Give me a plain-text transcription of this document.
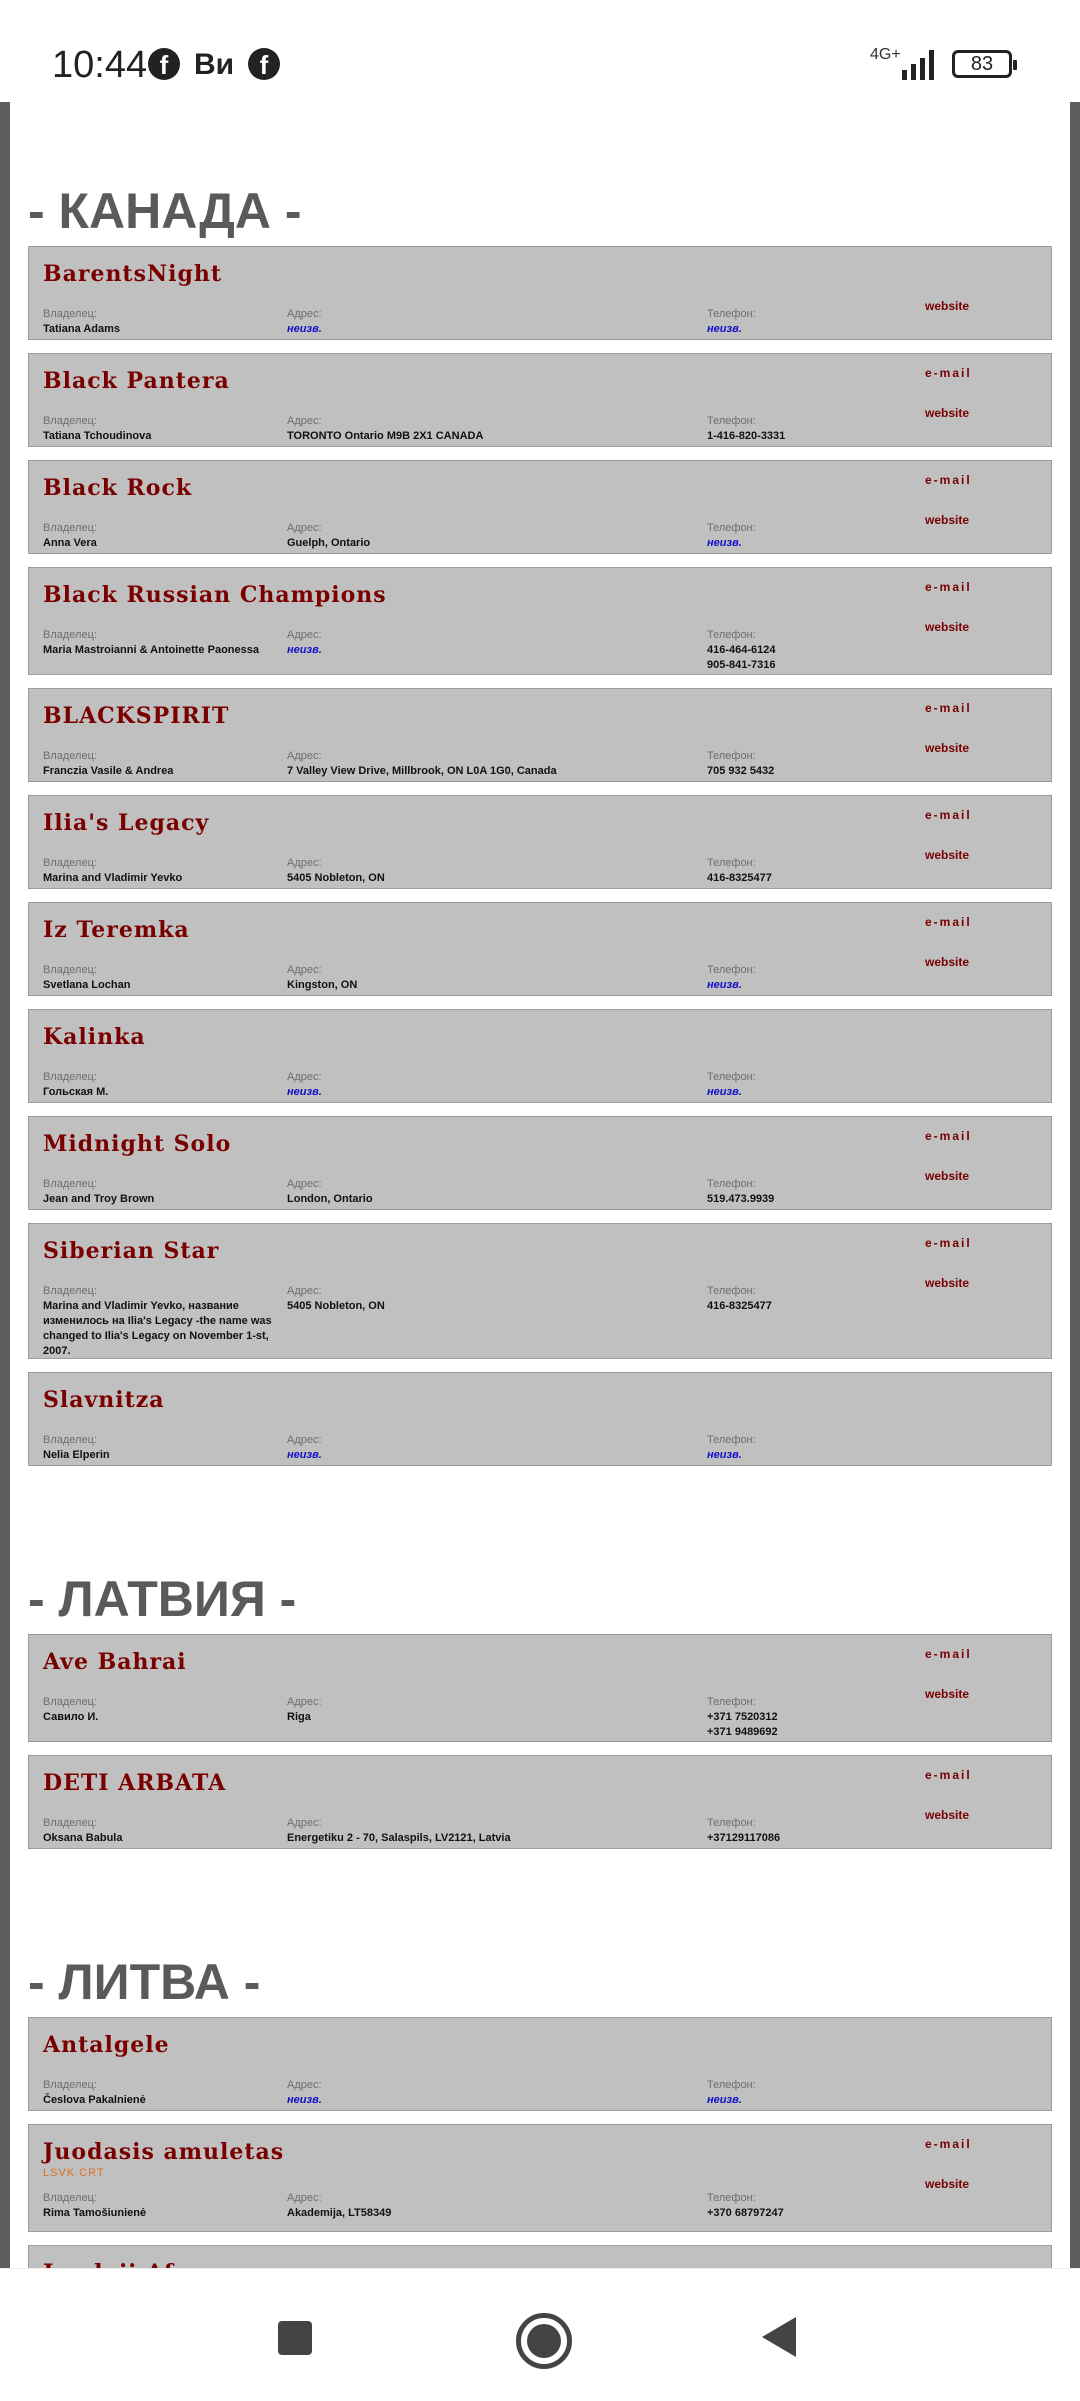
10:44 f Ви f	4G+	83
- КАНАДА -
BarentsNight
website
Владелец:
Tatiana Adams
Адрес:
неизв.
Телефон:
неизв.
Black Pantera	e-mail
website
Владелец:
Tatiana Tchoudinova
Адрес:
TORONTO Ontario M9B 2X1 CANADA
Телефон:
1-416-820-3331
Black Rock	e-mail
website
Владелец:
Anna Vera
Адрес:
Guelph, Ontario
Телефон:
неизв.
Black Russian Champions	e-mail
website
Владелец:
Maria Mastroianni & Antoinette Paonessa
Адрес:
неизв.
Телефон:
416-464-6124
905-841-7316
BLACKSPIRIT	e-mail
website
Владелец:
Franczia Vasile & Andrea
Адрес:
7 Valley View Drive, Millbrook, ON L0A 1G0, Canada
Телефон:
705 932 5432
Ilia's Legacy	e-mail
website
Владелец:
Marina and Vladimir Yevko
Адрес:
5405 Nobleton, ON
Телефон:
416-8325477
Iz Teremka	e-mail
website
Владелец:
Svetlana Lochan
Адрес:
Kingston, ON
Телефон:
неизв.
Kalinka
Владелец:
Гольская М.
Адрес:
неизв.
Телефон:
неизв.
Midnight Solo	e-mail
website
Владелец:
Jean and Troy Brown
Адрес:
London, Ontario
Телефон:
519.473.9939
Siberian Star	e-mail
website
Владелец:
Marina and Vladimir Yevko, название изменилось на Ilia's Legacy -the name was changed to Ilia's Legacy on November 1-st, 2007.
Адрес:
5405 Nobleton, ON
Телефон:
416-8325477
Slavnitza
Владелец:
Nelia Elperin
Адрес:
неизв.
Телефон:
неизв.
- ЛАТВИЯ -
Ave Bahrai	e-mail
website
Владелец:
Савило И.
Адрес:
Riga
Телефон:
+371 7520312
+371 9489692
DETI ARBATA	e-mail
website
Владелец:
Oksana Babula
Адрес:
Energetiku 2 - 70, Salaspils, LV2121, Latvia
Телефон:
+37129117086
- ЛИТВА -
Antalgele
Владелец:
Česlova Pakalnienė
Адрес:
неизв.
Телефон:
неизв.
Juodasis amuletas
LSVK CRT
e-mail
website
Владелец:
Rima Tamošiunienė
Адрес:
Akademija, LT58349
Телефон:
+370 68797247
